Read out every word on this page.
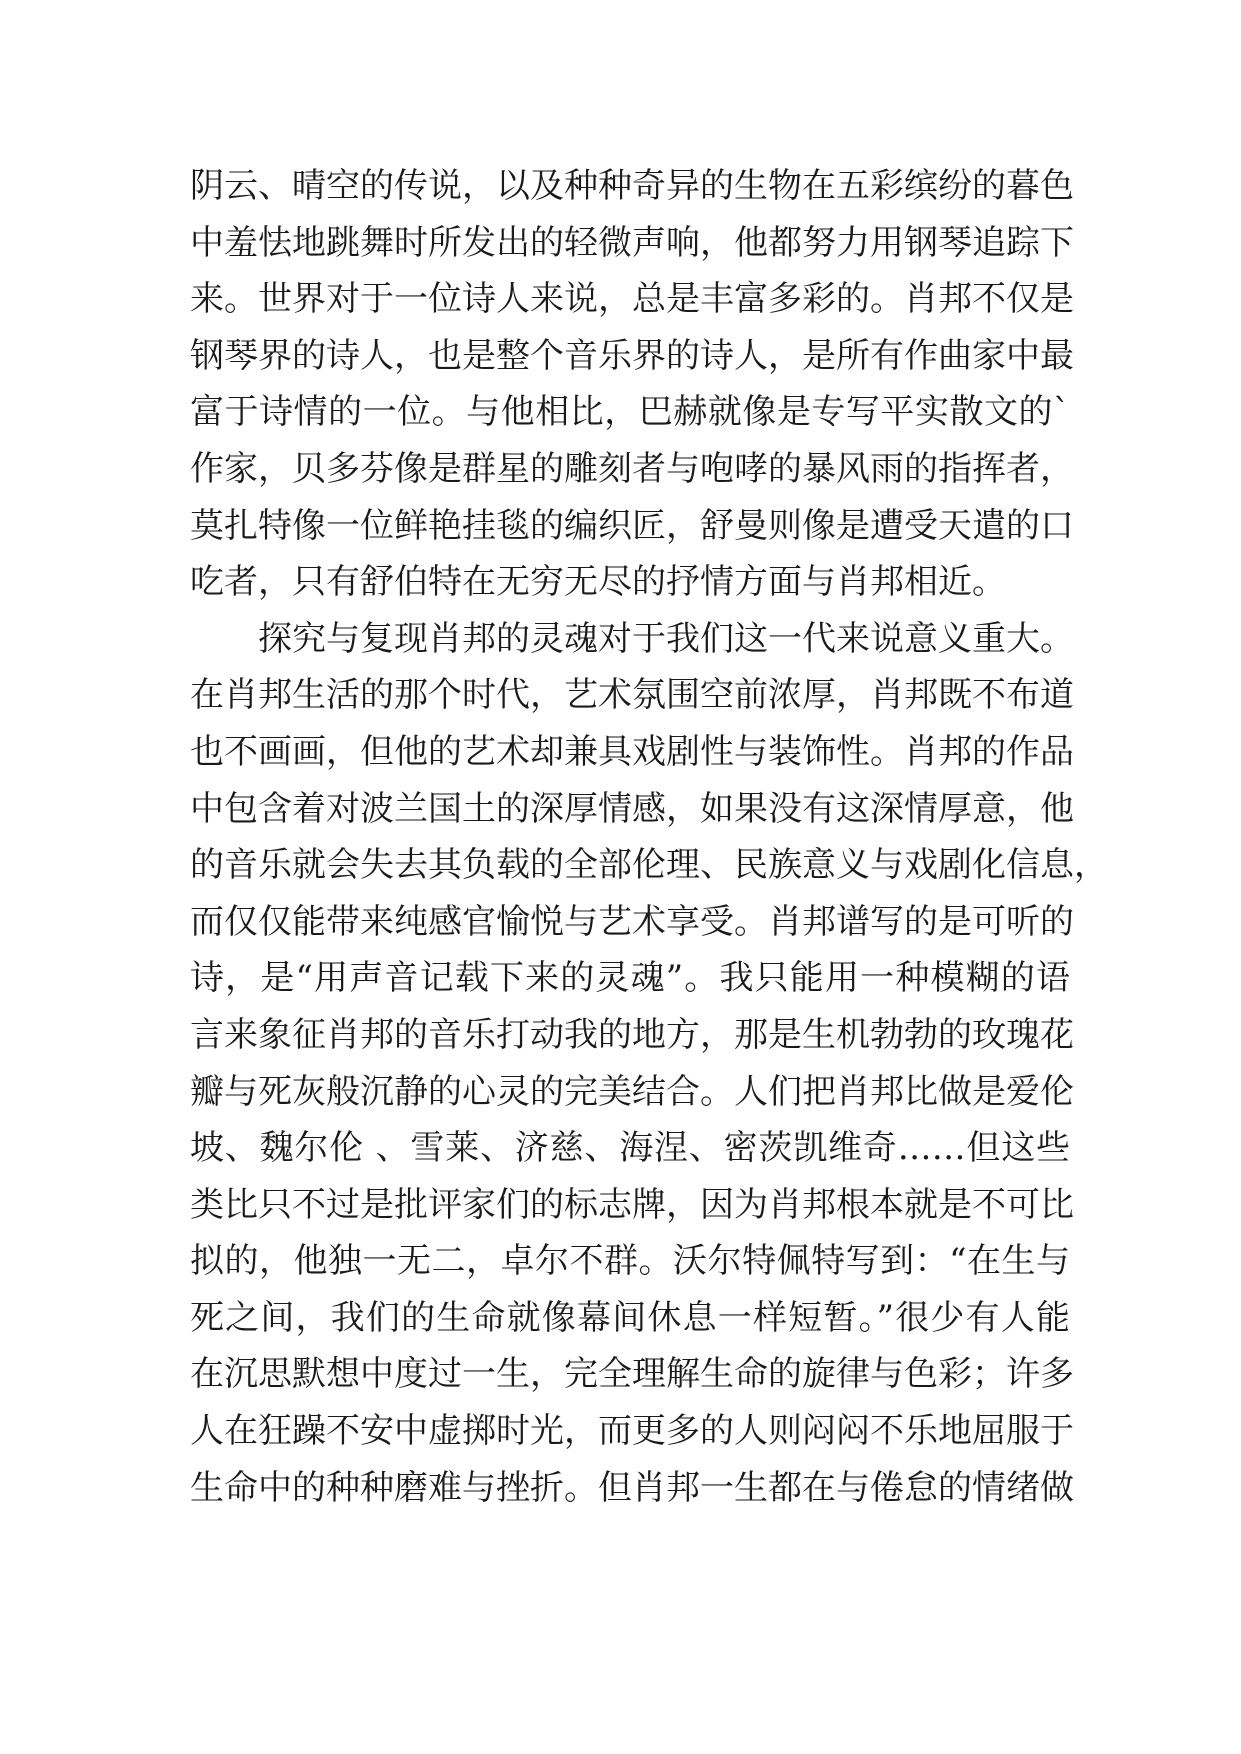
阴云、晴空的传说，以及种种奇异的生物在五彩缤纷的暮色
中羞怯地跳舞时所发出的轻微声响，他都努力用钢琴追踪下
来。世界对于一位诗人来说，总是丰富多彩的。肖邦不仅是
钢琴界的诗人，也是整个音乐界的诗人，是所有作曲家中最
富于诗情的一位。与他相比，巴赫就像是专写平实散文的`
作家，贝多芬像是群星的雕刻者与咆哮的暴风雨的指挥者，
莫扎特像一位鲜艳挂毯的编织匠，舒曼则像是遭受天遣的口
吃者，只有舒伯特在无穷无尽的抒情方面与肖邦相近。
探究与复现肖邦的灵魂对于我们这一代来说意义重大。
在肖邦生活的那个时代，艺术氛围空前浓厚，肖邦既不布道
也不画画，但他的艺术却兼具戏剧性与装饰性。肖邦的作品
中包含着对波兰国土的深厚情感，如果没有这深情厚意，他
的音乐就会失去其负载的全部伦理、民族意义与戏剧化信息，
而仅仅能带来纯感官愉悦与艺术享受。肖邦谱写的是可听的
诗，是“用声音记载下来的灵魂”。我只能用一种模糊的语
言来象征肖邦的音乐打动我的地方，那是生机勃勃的玫瑰花
瓣与死灰般沉静的心灵的完美结合。人们把肖邦比做是爱伦
坡、魏尔伦 、雪莱、济慈、海涅、密茨凯维奇……但这些
类比只不过是批评家们的标志牌，因为肖邦根本就是不可比
拟的，他独一无二，卓尔不群。沃尔特佩特写到：“在生与
死之间，我们的生命就像幕间休息一样短暂。”很少有人能
在沉思默想中度过一生，完全理解生命的旋律与色彩；许多
人在狂躁不安中虚掷时光，而更多的人则闷闷不乐地屈服于
生命中的种种磨难与挫折。但肖邦一生都在与倦怠的情绪做
